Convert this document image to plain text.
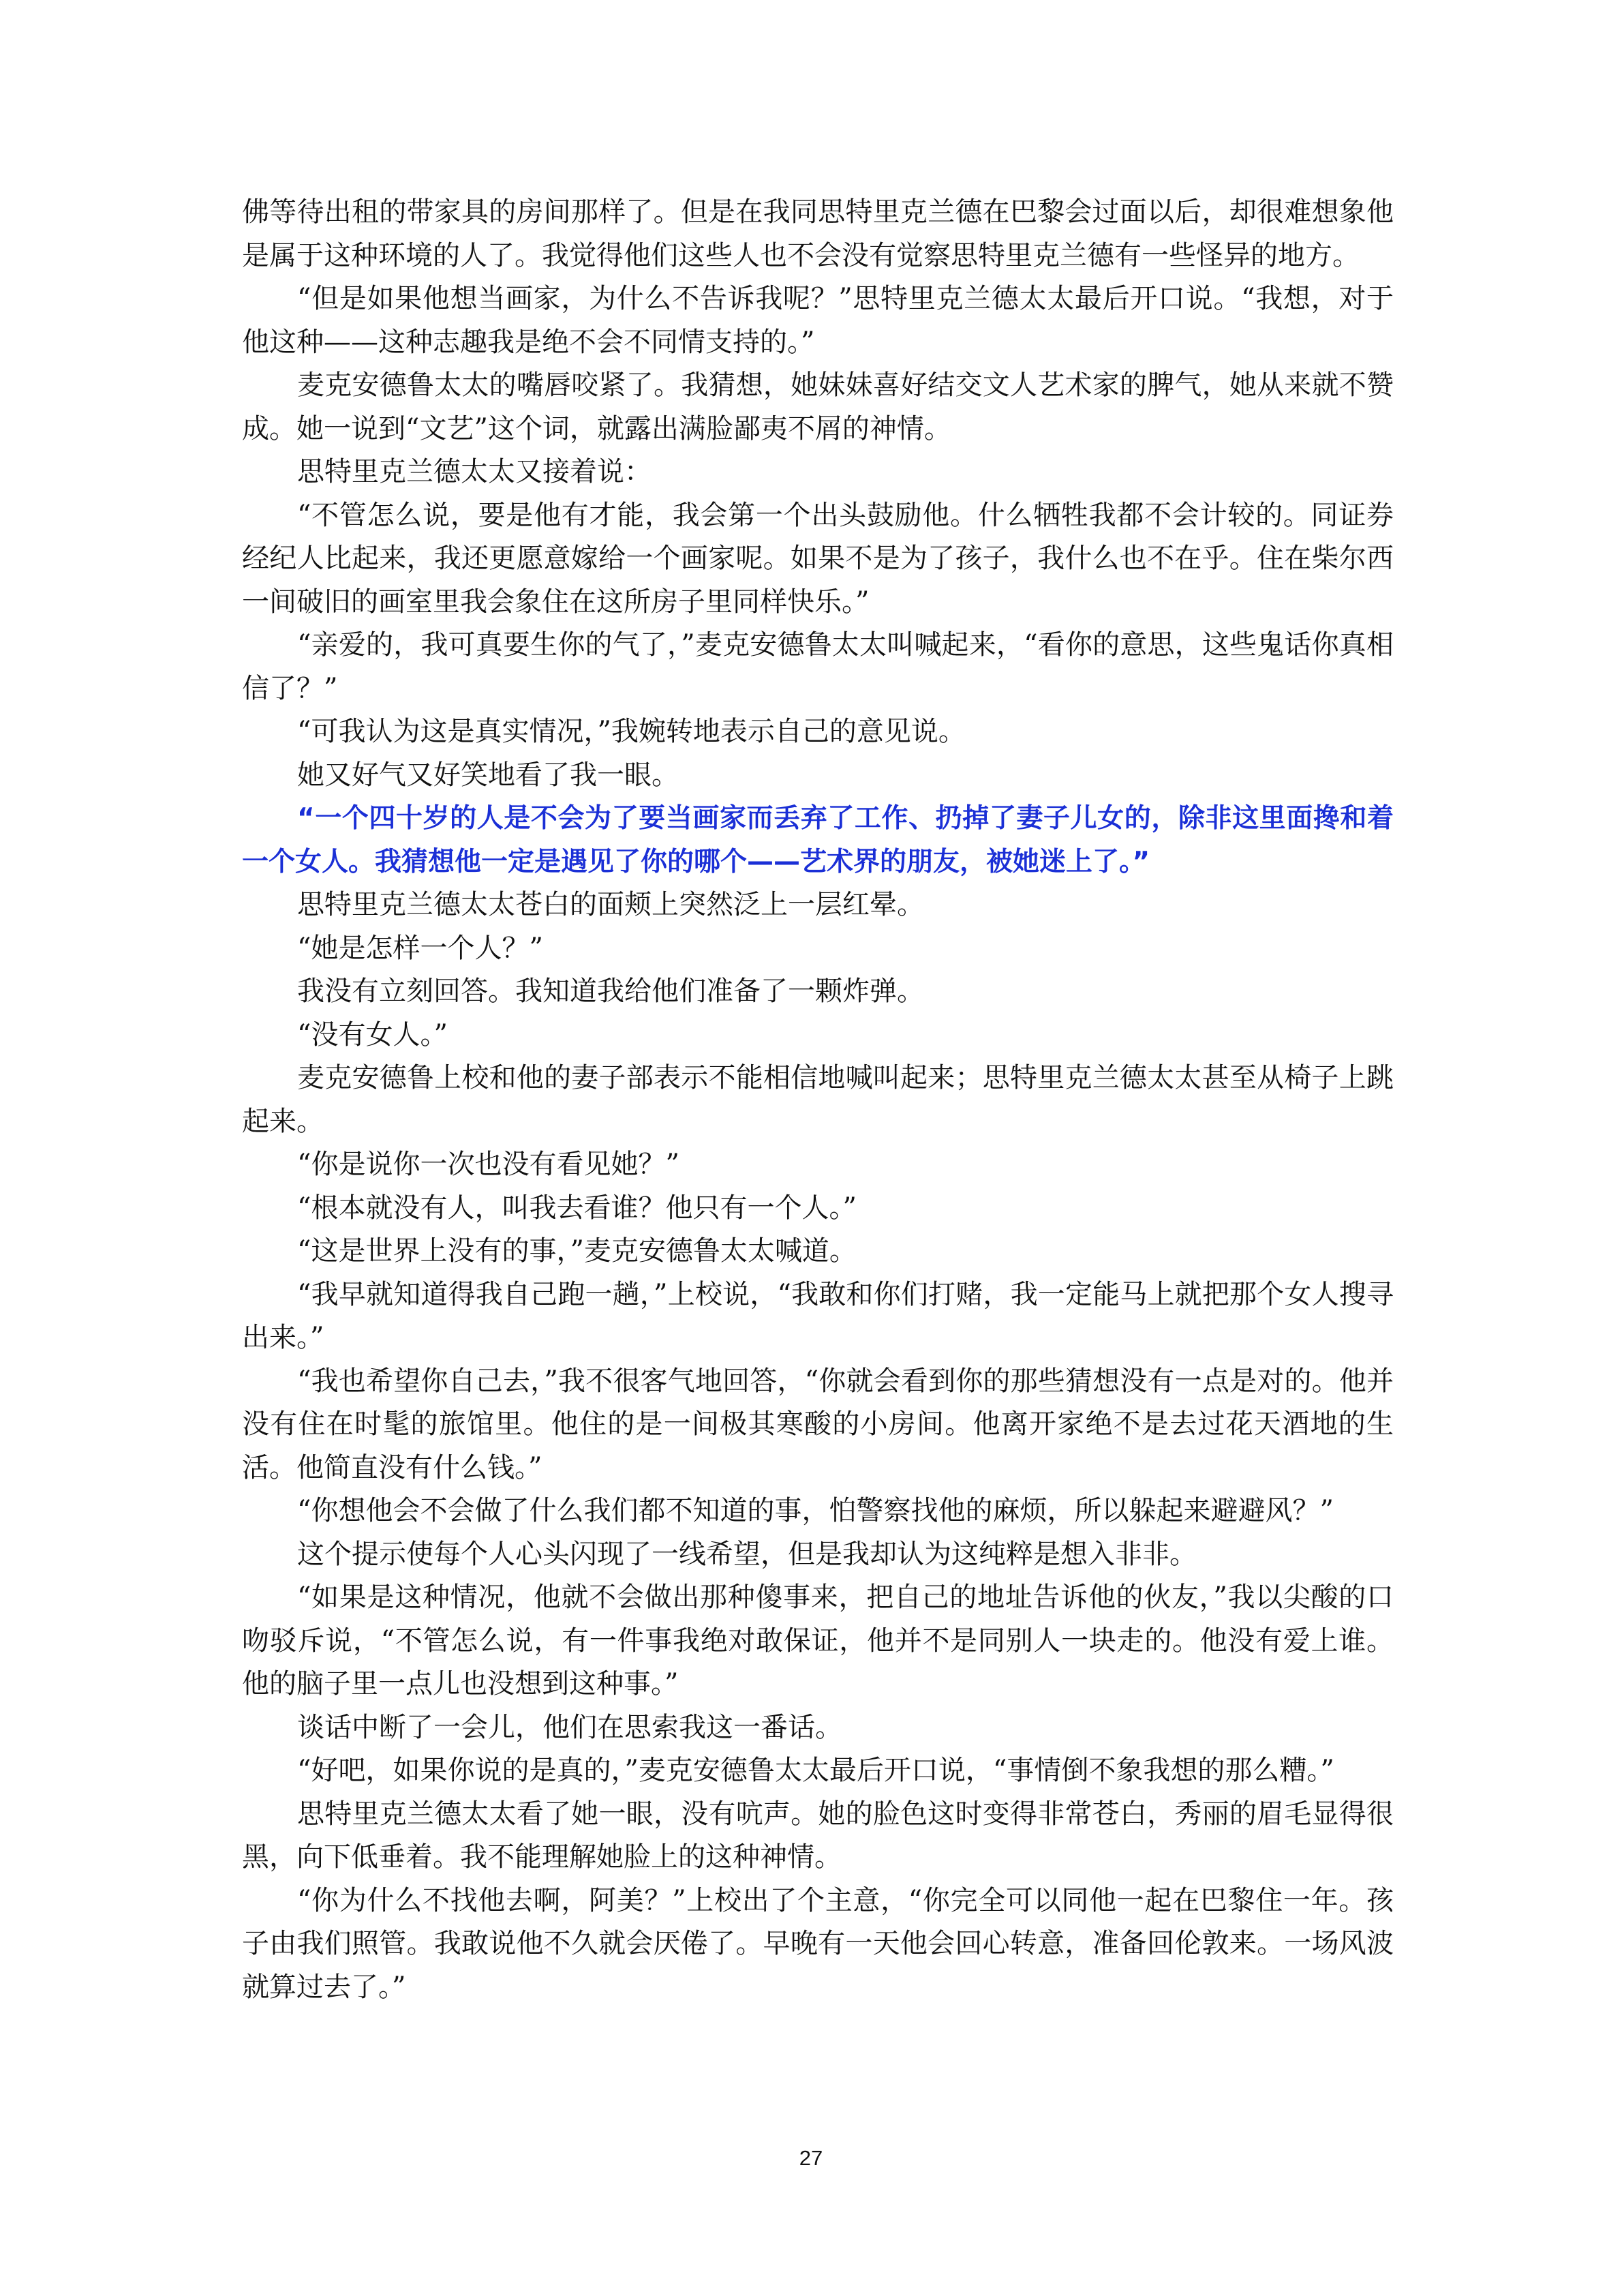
佛等待出租的带家具的房间那样了。但是在我同思特里克兰德在巴黎会过面以后，却很难想象他是属于这种环境的人了。我觉得他们这些人也不会没有觉察思特里克兰德有一些怪异的地方。

“但是如果他想当画家，为什么不告诉我呢？”思特里克兰德太太最后开口说。“我想，对于他这种——这种志趣我是绝不会不同情支持的。”

麦克安德鲁太太的嘴唇咬紧了。我猜想，她妹妹喜好结交文人艺术家的脾气，她从来就不赞成。她一说到“文艺”这个词，就露出满脸鄙夷不屑的神情。

思特里克兰德太太又接着说：

“不管怎么说，要是他有才能，我会第一个出头鼓励他。什么牺牲我都不会计较的。同证券经纪人比起来，我还更愿意嫁给一个画家呢。如果不是为了孩子，我什么也不在乎。住在柴尔西一间破旧的画室里我会象住在这所房子里同样快乐。”

“亲爱的，我可真要生你的气了，”麦克安德鲁太太叫喊起来，“看你的意思，这些鬼话你真相信了？”

“可我认为这是真实情况，”我婉转地表示自己的意见说。

她又好气又好笑地看了我一眼。

“一个四十岁的人是不会为了要当画家而丢弃了工作、扔掉了妻子儿女的，除非这里面搀和着一个女人。我猜想他一定是遇见了你的哪个——艺术界的朋友，被她迷上了。”

思特里克兰德太太苍白的面颊上突然泛上一层红晕。

“她是怎样一个人？”

我没有立刻回答。我知道我给他们准备了一颗炸弹。

“没有女人。”

麦克安德鲁上校和他的妻子部表示不能相信地喊叫起来；思特里克兰德太太甚至从椅子上跳起来。

“你是说你一次也没有看见她？”

“根本就没有人，叫我去看谁？他只有一个人。”

“这是世界上没有的事，”麦克安德鲁太太喊道。

“我早就知道得我自己跑一趟，”上校说，“我敢和你们打赌，我一定能马上就把那个女人搜寻出来。”

“我也希望你自己去，”我不很客气地回答，“你就会看到你的那些猜想没有一点是对的。他并没有住在时髦的旅馆里。他住的是一间极其寒酸的小房间。他离开家绝不是去过花天酒地的生活。他简直没有什么钱。”

“你想他会不会做了什么我们都不知道的事，怕警察找他的麻烦，所以躲起来避避风？”

这个提示使每个人心头闪现了一线希望，但是我却认为这纯粹是想入非非。

“如果是这种情况，他就不会做出那种傻事来，把自己的地址告诉他的伙友，”我以尖酸的口吻驳斥说，“不管怎么说，有一件事我绝对敢保证，他并不是同别人一块走的。他没有爱上谁。他的脑子里一点儿也没想到这种事。”

谈话中断了一会儿，他们在思索我这一番话。

“好吧，如果你说的是真的，”麦克安德鲁太太最后开口说，“事情倒不象我想的那么糟。”

思特里克兰德太太看了她一眼，没有吭声。她的脸色这时变得非常苍白，秀丽的眉毛显得很黑，向下低垂着。我不能理解她脸上的这种神情。

“你为什么不找他去啊，阿美？”上校出了个主意，“你完全可以同他一起在巴黎住一年。孩子由我们照管。我敢说他不久就会厌倦了。早晚有一天他会回心转意，准备回伦敦来。一场风波就算过去了。”

27
